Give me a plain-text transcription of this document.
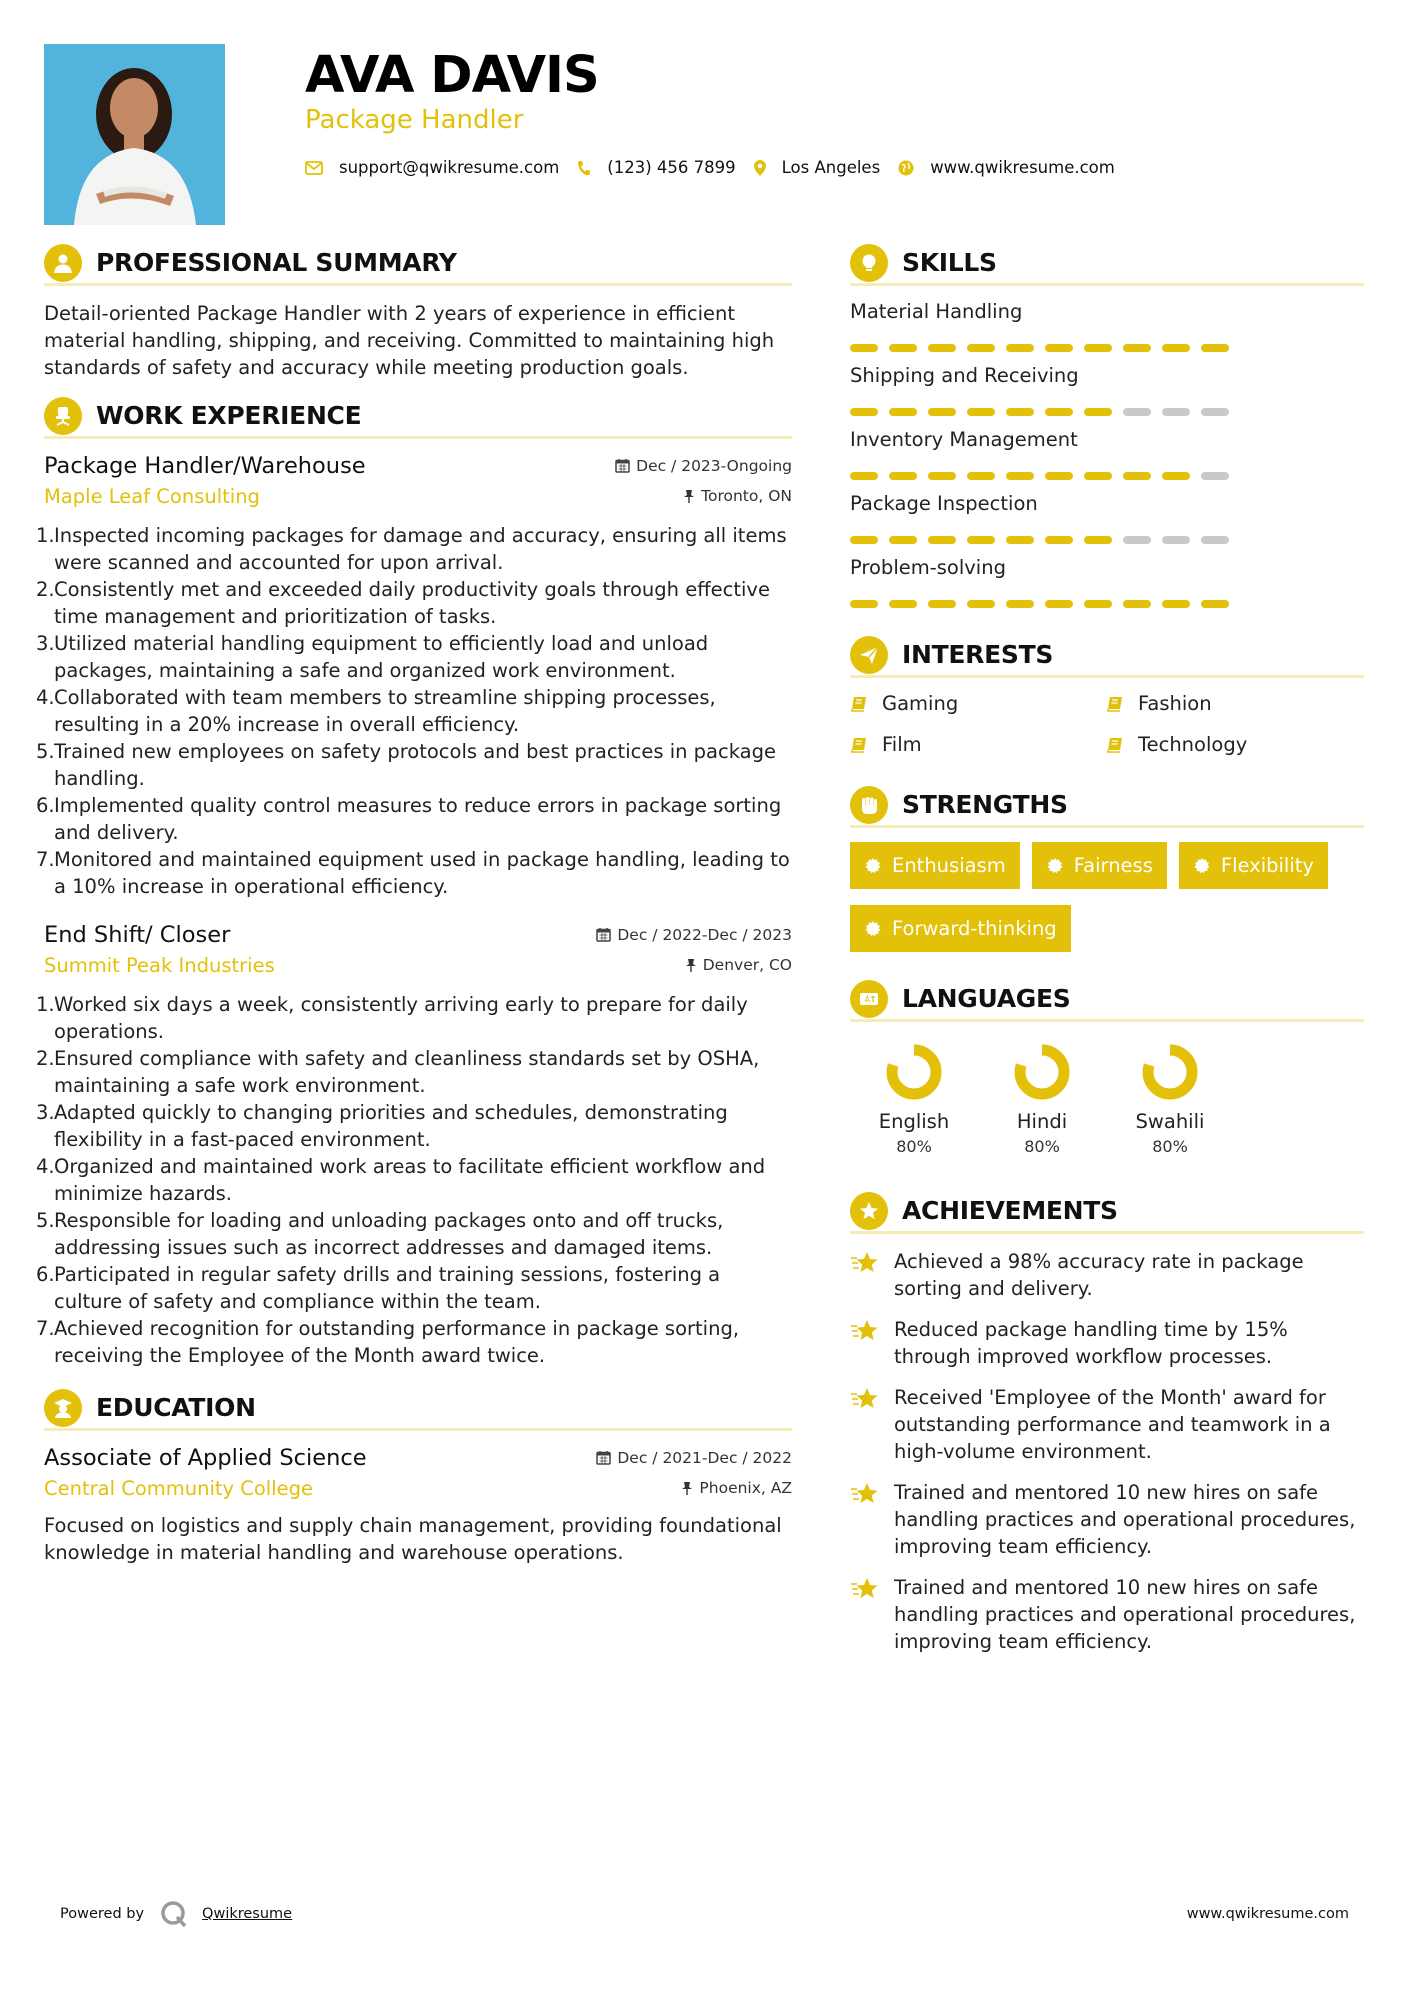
AVA DAVIS
Package Handler
support@qwikresume.com	(123) 456 7899	Los Angeles	www.qwikresume.com
PROFESSIONAL SUMMARY

Detail-oriented Package Handler with 2 years of experience in efficient material handling, shipping, and receiving. Committed to maintaining high standards of safety and accuracy while meeting production goals.

WORK EXPERIENCE
Package Handler/Warehouse	Dec / 2023-Ongoing
Maple Leaf Consulting	Toronto, ON
1. Inspected incoming packages for damage and accuracy, ensuring all items were scanned and accounted for upon arrival.
2. Consistently met and exceeded daily productivity goals through effective time management and prioritization of tasks.
3. Utilized material handling equipment to efficiently load and unload packages, maintaining a safe and organized work environment.
4. Collaborated with team members to streamline shipping processes, resulting in a 20% increase in overall efficiency.
5. Trained new employees on safety protocols and best practices in package handling.
6. Implemented quality control measures to reduce errors in package sorting and delivery.
7. Monitored and maintained equipment used in package handling, leading to a 10% increase in operational efficiency.
End Shift/ Closer	Dec / 2022-Dec / 2023
Summit Peak Industries	Denver, CO
1. Worked six days a week, consistently arriving early to prepare for daily operations.
2. Ensured compliance with safety and cleanliness standards set by OSHA, maintaining a safe work environment.
3. Adapted quickly to changing priorities and schedules, demonstrating flexibility in a fast-paced environment.
4. Organized and maintained work areas to facilitate efficient workflow and minimize hazards.
5. Responsible for loading and unloading packages onto and off trucks, addressing issues such as incorrect addresses and damaged items.
6. Participated in regular safety drills and training sessions, fostering a culture of safety and compliance within the team.
7. Achieved recognition for outstanding performance in package sorting, receiving the Employee of the Month award twice.
EDUCATION
Associate of Applied Science	Dec / 2021-Dec / 2022
Central Community College	Phoenix, AZ

Focused on logistics and supply chain management, providing foundational knowledge in material handling and warehouse operations.

SKILLS
Material Handling
Shipping and Receiving
Inventory Management
Package Inspection
Problem-solving
INTERESTS
Gaming	Fashion
Film	Technology
STRENGTHS
Enthusiasm	Fairness	Flexibility
Forward-thinking
A LANGUAGES
English
80%
Hindi
80%
Swahili
80%
ACHIEVEMENTS
Achieved a 98% accuracy rate in package sorting and delivery.
Reduced package handling time by 15% through improved workflow processes.
Received 'Employee of the Month' award for outstanding performance and teamwork in a high-volume environment.
Trained and mentored 10 new hires on safe handling practices and operational procedures, improving team efficiency.
Trained and mentored 10 new hires on safe handling practices and operational procedures, improving team efficiency.
Powered by	Qwikresume	www.qwikresume.com
